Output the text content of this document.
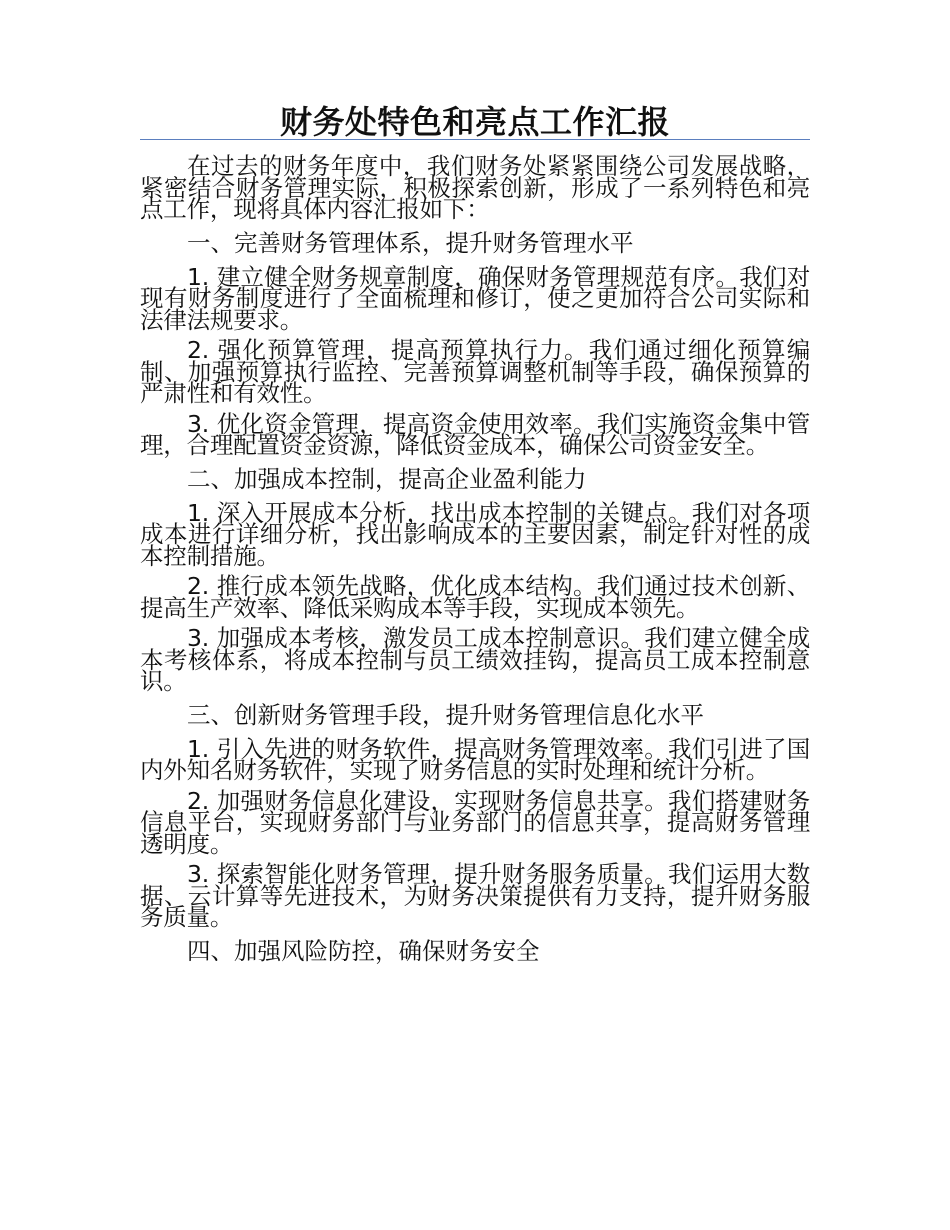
财务处特色和亮点工作汇报

在过去的财务年度中，我们财务处紧紧围绕公司发展战略，紧密结合财务管理实际，积极探索创新，形成了一系列特色和亮点工作，现将具体内容汇报如下：

一、完善财务管理体系，提升财务管理水平

1. 建立健全财务规章制度，确保财务管理规范有序。我们对现有财务制度进行了全面梳理和修订，使之更加符合公司实际和法律法规要求。

2. 强化预算管理，提高预算执行力。我们通过细化预算编制、加强预算执行监控、完善预算调整机制等手段，确保预算的严肃性和有效性。

3. 优化资金管理，提高资金使用效率。我们实施资金集中管理，合理配置资金资源，降低资金成本，确保公司资金安全。

二、加强成本控制，提高企业盈利能力

1. 深入开展成本分析，找出成本控制的关键点。我们对各项成本进行详细分析，找出影响成本的主要因素，制定针对性的成本控制措施。

2. 推行成本领先战略，优化成本结构。我们通过技术创新、提高生产效率、降低采购成本等手段，实现成本领先。

3. 加强成本考核，激发员工成本控制意识。我们建立健全成本考核体系，将成本控制与员工绩效挂钩，提高员工成本控制意识。

三、创新财务管理手段，提升财务管理信息化水平

1. 引入先进的财务软件，提高财务管理效率。我们引进了国内外知名财务软件，实现了财务信息的实时处理和统计分析。

2. 加强财务信息化建设，实现财务信息共享。我们搭建财务信息平台，实现财务部门与业务部门的信息共享，提高财务管理透明度。

3. 探索智能化财务管理，提升财务服务质量。我们运用大数据、云计算等先进技术，为财务决策提供有力支持，提升财务服务质量。

四、加强风险防控，确保财务安全
